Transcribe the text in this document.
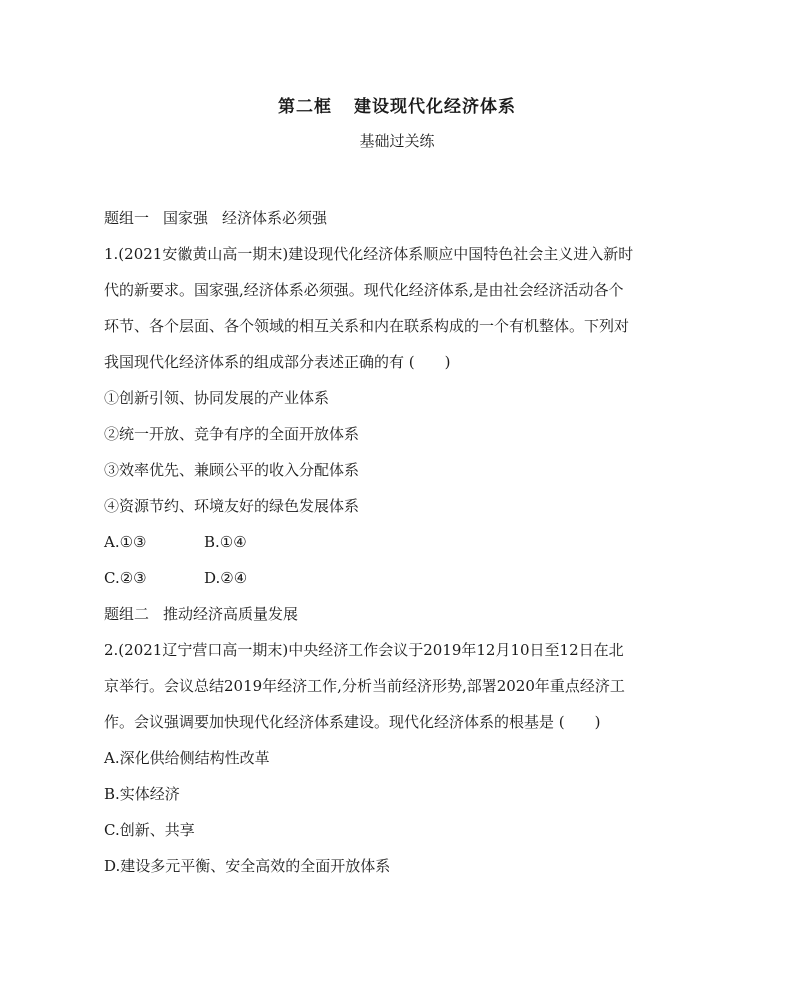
第二框 建设现代化经济体系
基础过关练
题组一 国家强 经济体系必须强
1.(2021安徽黄山高一期末)建设现代化经济体系顺应中国特色社会主义进入新时
代的新要求。国家强,经济体系必须强。现代化经济体系,是由社会经济活动各个
环节、各个层面、各个领域的相互关系和内在联系构成的一个有机整体。下列对
我国现代化经济体系的组成部分表述正确的有 ( )
①创新引领、协同发展的产业体系
②统一开放、竞争有序的全面开放体系
③效率优先、兼顾公平的收入分配体系
④资源节约、环境友好的绿色发展体系
A.①③	B.①④
C.②③	D.②④
题组二 推动经济高质量发展
2.(2021辽宁营口高一期末)中央经济工作会议于2019年12月10日至12日在北
京举行。会议总结2019年经济工作,分析当前经济形势,部署2020年重点经济工
作。会议强调要加快现代化经济体系建设。现代化经济体系的根基是 ( )
A.深化供给侧结构性改革
B.实体经济
C.创新、共享
D.建设多元平衡、安全高效的全面开放体系
